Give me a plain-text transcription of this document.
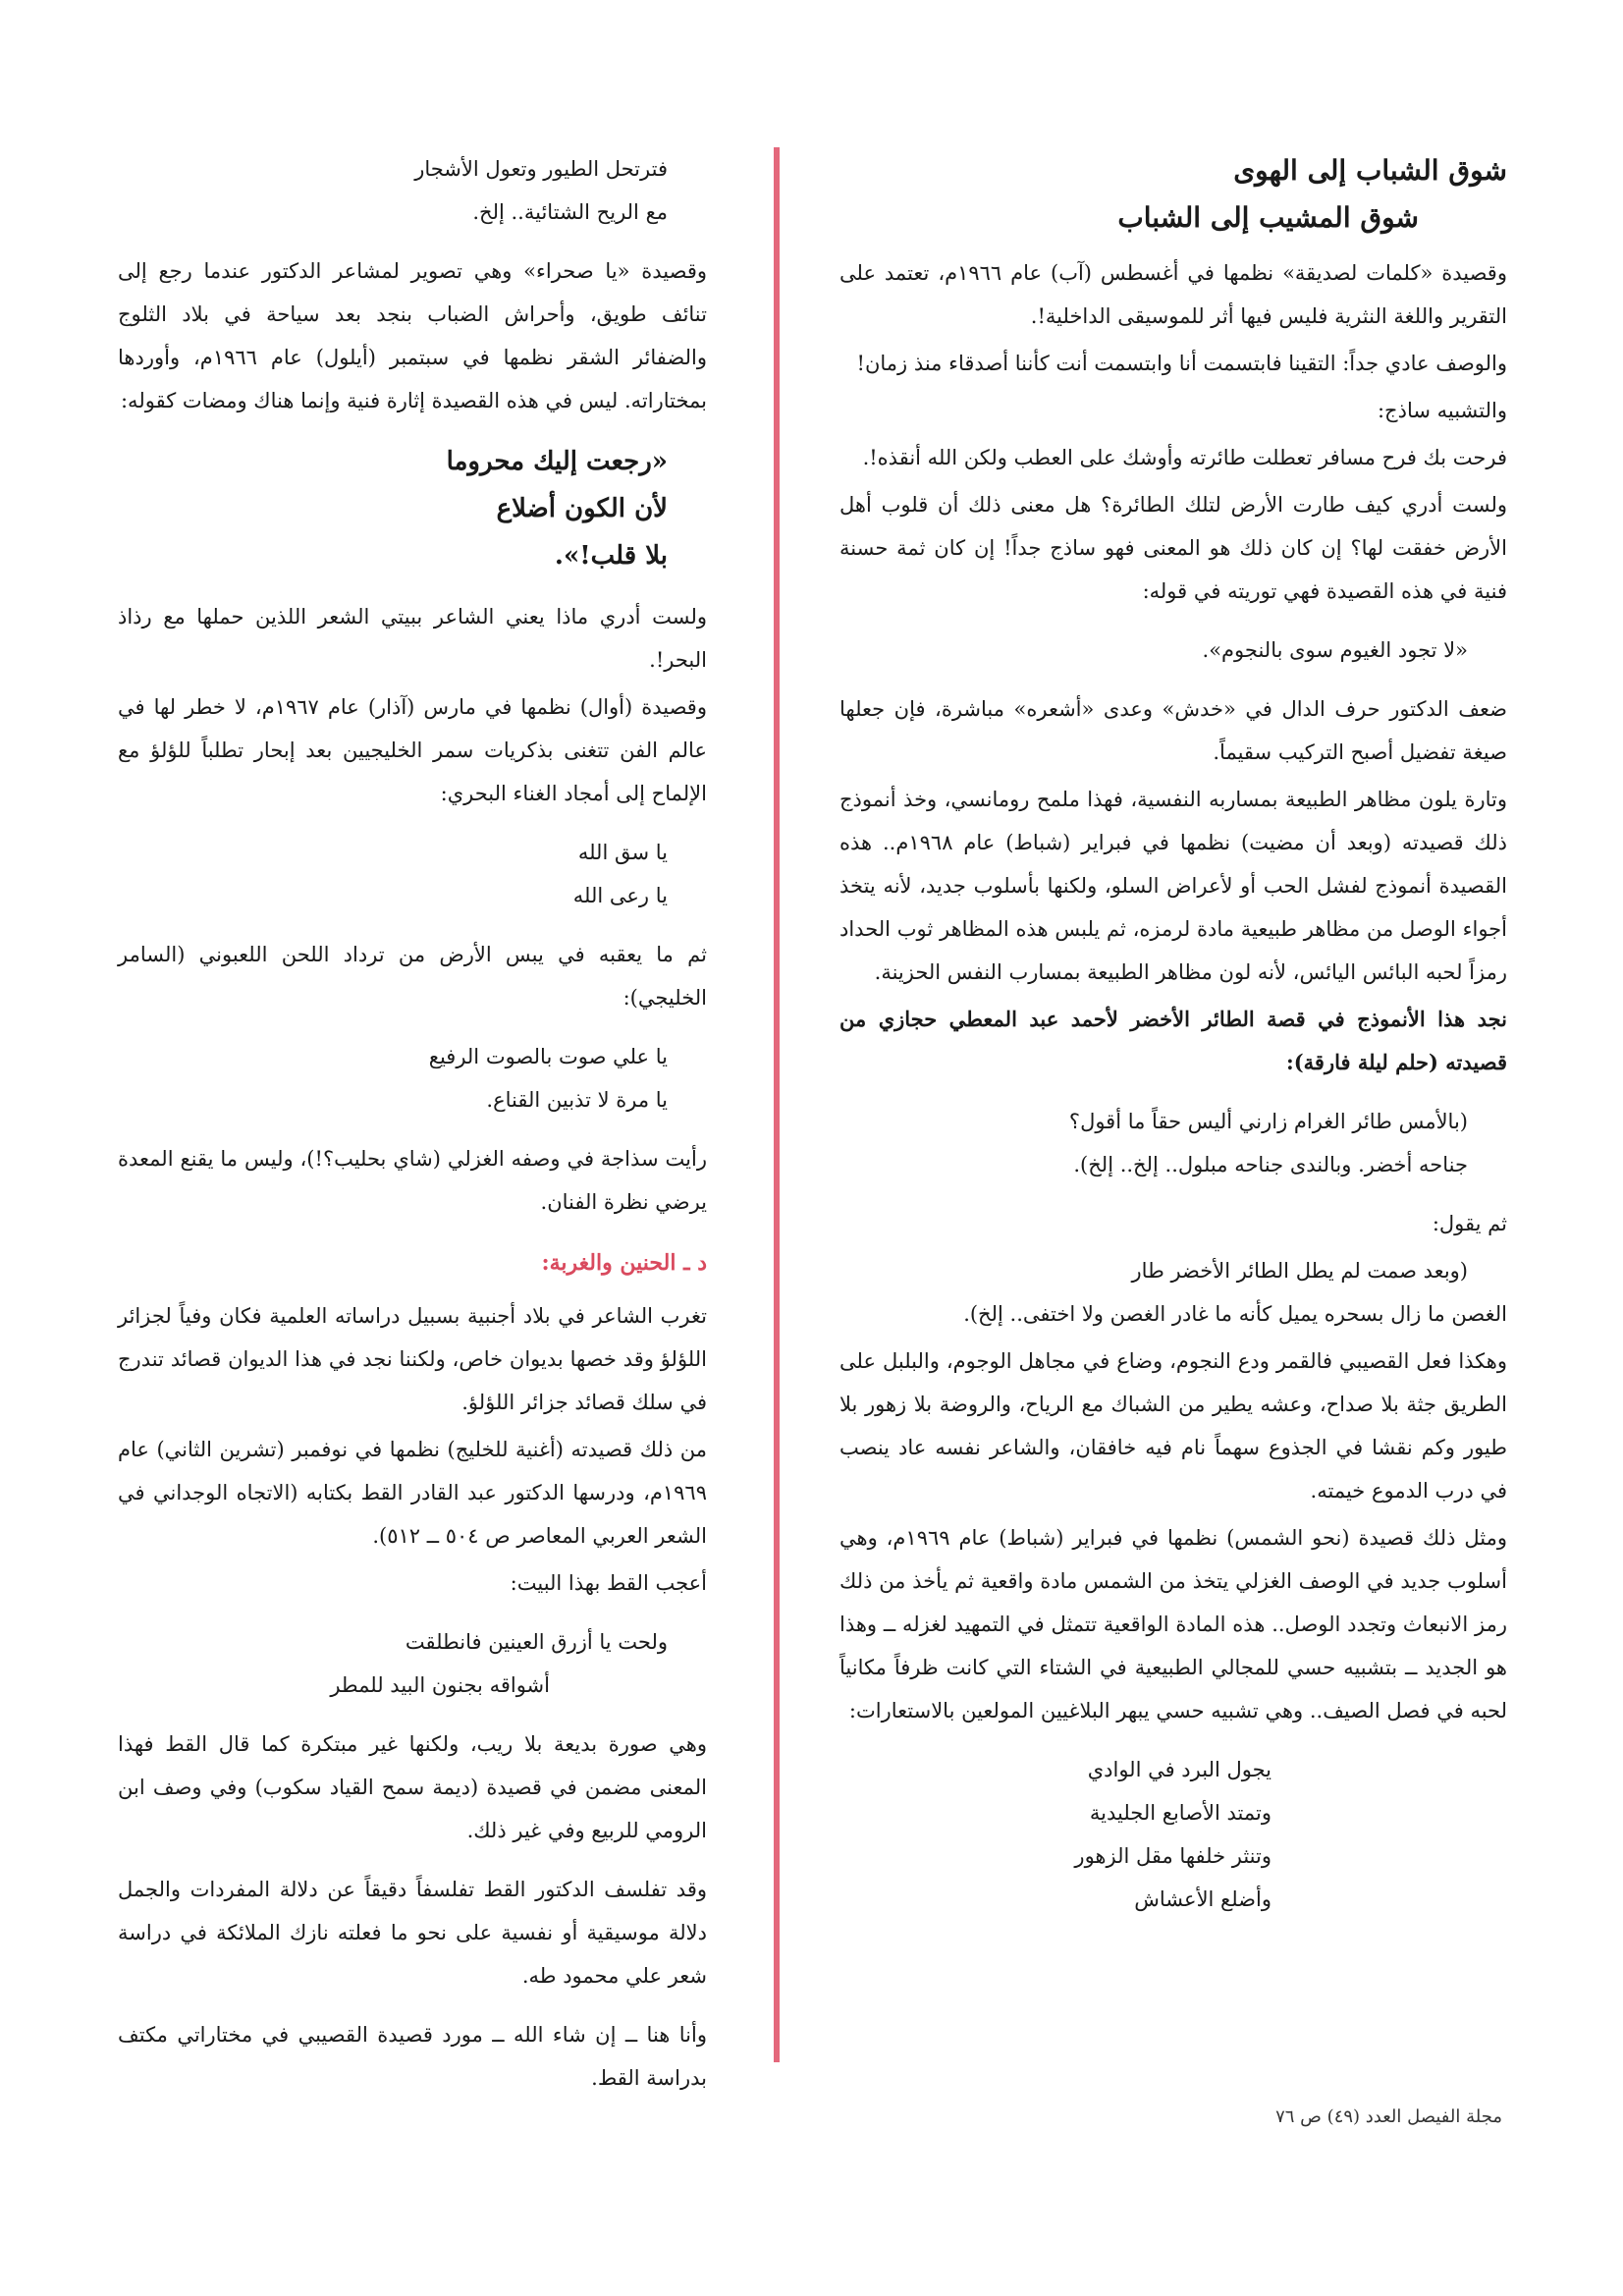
شوق الشباب إلى الهوى

شوق المشيب إلى الشباب

وقصيدة «كلمات لصديقة» نظمها في أغسطس (آب) عام ١٩٦٦م، تعتمد على التقرير واللغة النثرية فليس فيها أثر للموسيقى الداخلية!.

والوصف عادي جداً: التقينا فابتسمت أنا وابتسمت أنت كأننا أصدقاء منذ زمان!

والتشبيه ساذج:

فرحت بك فرح مسافر تعطلت طائرته وأوشك على العطب ولكن الله أنقذه!.

ولست أدري كيف طارت الأرض لتلك الطائرة؟ هل معنى ذلك أن قلوب أهل الأرض خفقت لها؟ إن كان ذلك هو المعنى فهو ساذج جداً! إن كان ثمة حسنة فنية في هذه القصيدة فهي توريته في قوله:

«لا تجود الغيوم سوى بالنجوم».

ضعف الدكتور حرف الدال في «خدش» وعدى «أشعره» مباشرة، فإن جعلها صيغة تفضيل أصبح التركيب سقيماً.

وتارة يلون مظاهر الطبيعة بمساربه النفسية، فهذا ملمح رومانسي، وخذ أنموذج ذلك قصيدته (وبعد أن مضيت) نظمها في فبراير (شباط) عام ١٩٦٨م.. هذه القصيدة أنموذج لفشل الحب أو لأعراض السلو، ولكنها بأسلوب جديد، لأنه يتخذ أجواء الوصل من مظاهر طبيعية مادة لرمزه، ثم يلبس هذه المظاهر ثوب الحداد رمزاً لحبه البائس اليائس، لأنه لون مظاهر الطبيعة بمسارب النفس الحزينة.

نجد هذا الأنموذج في قصة الطائر الأخضر لأحمد عبد المعطي حجازي من قصيدته (حلم ليلة فارقة):

(بالأمس طائر الغرام زارني أليس حقاً ما أقول؟

جناحه أخضر. وبالندى جناحه مبلول.. إلخ.. إلخ).

ثم يقول:

(وبعد صمت لم يطل الطائر الأخضر طار

الغصن ما زال بسحره يميل كأنه ما غادر الغصن ولا اختفى.. إلخ).

وهكذا فعل القصيبي فالقمر ودع النجوم، وضاع في مجاهل الوجوم، والبلبل على الطريق جثة بلا صداح، وعشه يطير من الشباك مع الرياح، والروضة بلا زهور بلا طيور وكم نقشا في الجذوع سهماً نام فيه خافقان، والشاعر نفسه عاد ينصب في درب الدموع خيمته.

ومثل ذلك قصيدة (نحو الشمس) نظمها في فبراير (شباط) عام ١٩٦٩م، وهي أسلوب جديد في الوصف الغزلي يتخذ من الشمس مادة واقعية ثم يأخذ من ذلك رمز الانبعاث وتجدد الوصل.. هذه المادة الواقعية تتمثل في التمهيد لغزله ــ وهذا هو الجديد ــ بتشبيه حسي للمجالي الطبيعية في الشتاء التي كانت ظرفاً مكانياً لحبه في فصل الصيف.. وهي تشبيه حسي يبهر البلاغيين المولعين بالاستعارات:

يجول البرد في الوادي

وتمتد الأصابع الجليدية

وتنثر خلفها مقل الزهور

وأضلع الأعشاش

فترتحل الطيور وتعول الأشجار

مع الريح الشتائية.. إلخ.

وقصيدة «يا صحراء» وهي تصوير لمشاعر الدكتور عندما رجع إلى تنائف طويق، وأحراش الضباب بنجد بعد سياحة في بلاد الثلوج والضفائر الشقر نظمها في سبتمبر (أيلول) عام ١٩٦٦م، وأوردها بمختاراته. ليس في هذه القصيدة إثارة فنية وإنما هناك ومضات كقوله:

«رجعت إليك محروما

لأن الكون أضلاع

بلا قلب!».

ولست أدري ماذا يعني الشاعر ببيتي الشعر اللذين حملها مع رذاذ البحر!.

وقصيدة (أوال) نظمها في مارس (آذار) عام ١٩٦٧م، لا خطر لها في عالم الفن تتغنى بذكريات سمر الخليجيين بعد إبحار تطلباً للؤلؤ مع الإلماح إلى أمجاد الغناء البحري:

يا سق الله

يا رعى الله

ثم ما يعقبه في يبس الأرض من ترداد اللحن اللعبوني (السامر الخليجي):

يا علي صوت بالصوت الرفيع

يا مرة لا تذبين القناع.

رأيت سذاجة في وصفه الغزلي (شاي بحليب؟!)، وليس ما يقنع المعدة يرضي نظرة الفنان.

د ـ الحنين والغربة:

تغرب الشاعر في بلاد أجنبية بسبيل دراساته العلمية فكان وفياً لجزائر اللؤلؤ وقد خصها بديوان خاص، ولكننا نجد في هذا الديوان قصائد تندرج في سلك قصائد جزائر اللؤلؤ.

من ذلك قصيدته (أغنية للخليج) نظمها في نوفمبر (تشرين الثاني) عام ١٩٦٩م، ودرسها الدكتور عبد القادر القط بكتابه (الاتجاه الوجداني في الشعر العربي المعاصر ص ٥٠٤ ــ ٥١٢).

أعجب القط بهذا البيت:

ولحت يا أزرق العينين فانطلقت

أشواقه بجنون البيد للمطر

وهي صورة بديعة بلا ريب، ولكنها غير مبتكرة كما قال القط فهذا المعنى مضمن في قصيدة (ديمة سمح القياد سكوب) وفي وصف ابن الرومي للربيع وفي غير ذلك.

وقد تفلسف الدكتور القط تفلسفاً دقيقاً عن دلالة المفردات والجمل دلالة موسيقية أو نفسية على نحو ما فعلته نازك الملائكة في دراسة شعر علي محمود طه.

وأنا هنا ــ إن شاء الله ــ مورد قصيدة القصيبي في مختاراتي مكتف بدراسة القط.

مجلة الفيصل العدد (٤٩) ص ٧٦
